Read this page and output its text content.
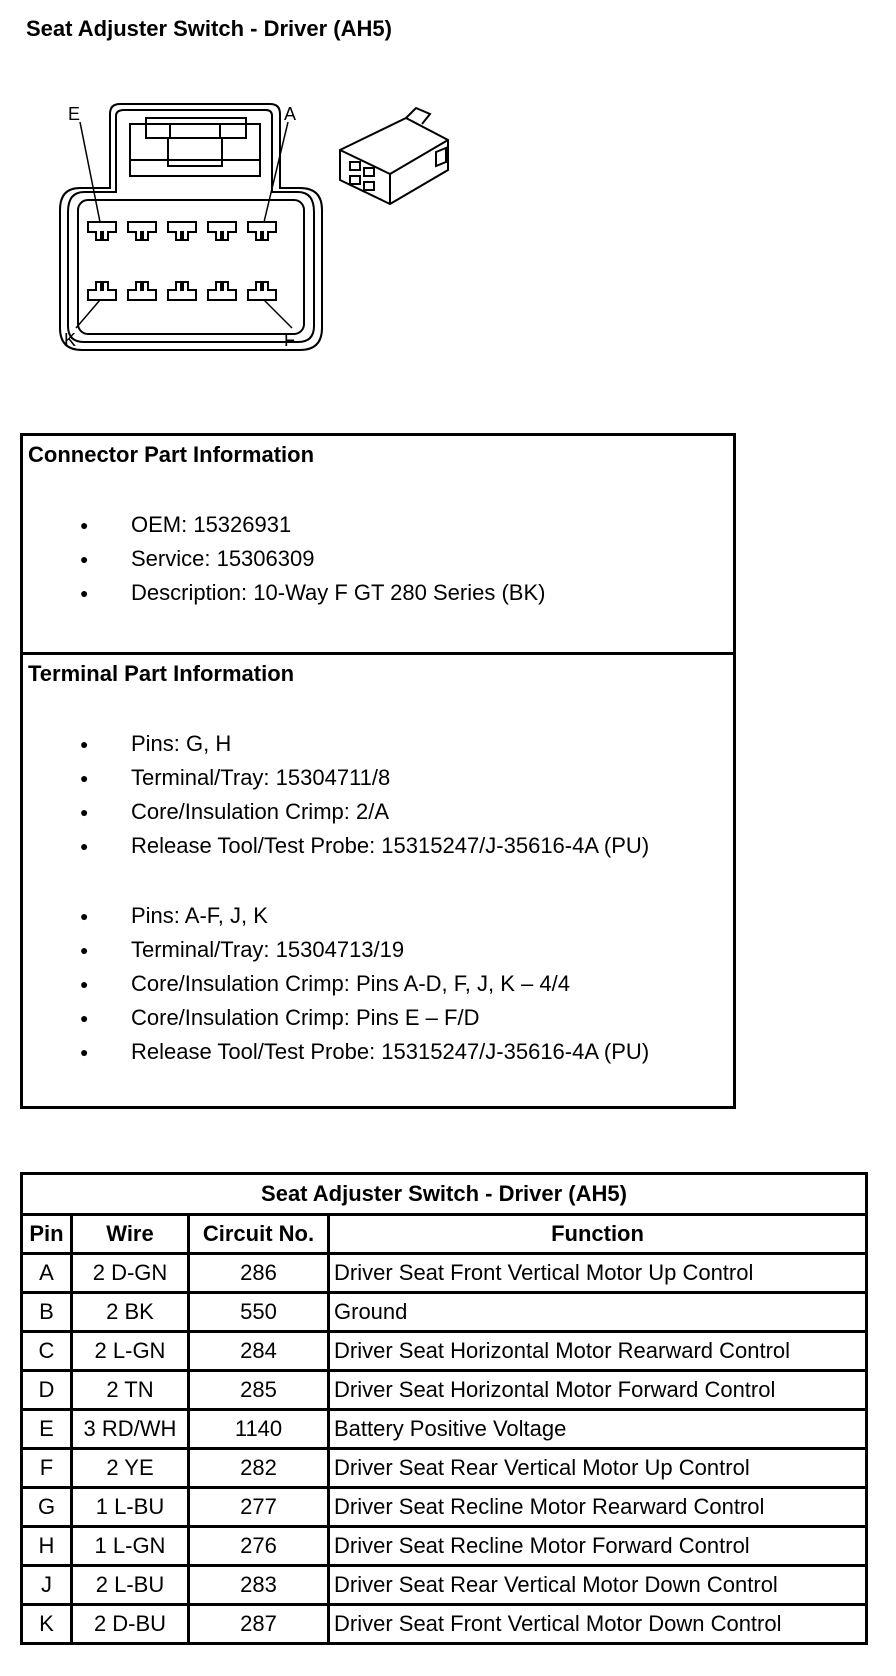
Seat Adjuster Switch - Driver (AH5)
E	A
K	F
Connector Part Information
● OEM: 15326931
● Service: 15306309
● Description: 10-Way F GT 280 Series (BK)
Terminal Part Information
● Pins: G, H
● Terminal/Tray: 15304711/8
● Core/Insulation Crimp: 2/A
● Release Tool/Test Probe: 15315247/J-35616-4A (PU)
● Pins: A-F, J, K
● Terminal/Tray: 15304713/19
● Core/Insulation Crimp: Pins A-D, F, J, K – 4/4
● Core/Insulation Crimp: Pins E – F/D
● Release Tool/Test Probe: 15315247/J-35616-4A (PU)
Seat Adjuster Switch - Driver (AH5)			
Pin	Wire	Circuit No.	Function
A	2 D-GN	286	Driver Seat Front Vertical Motor Up Control
B	2 BK	550	Ground
C	2 L-GN	284	Driver Seat Horizontal Motor Rearward Control
D	2 TN	285	Driver Seat Horizontal Motor Forward Control
E	3 RD/WH	1140	Battery Positive Voltage
F	2 YE	282	Driver Seat Rear Vertical Motor Up Control
G	1 L-BU	277	Driver Seat Recline Motor Rearward Control
H	1 L-GN	276	Driver Seat Recline Motor Forward Control
J	2 L-BU	283	Driver Seat Rear Vertical Motor Down Control
K	2 D-BU	287	Driver Seat Front Vertical Motor Down Control
